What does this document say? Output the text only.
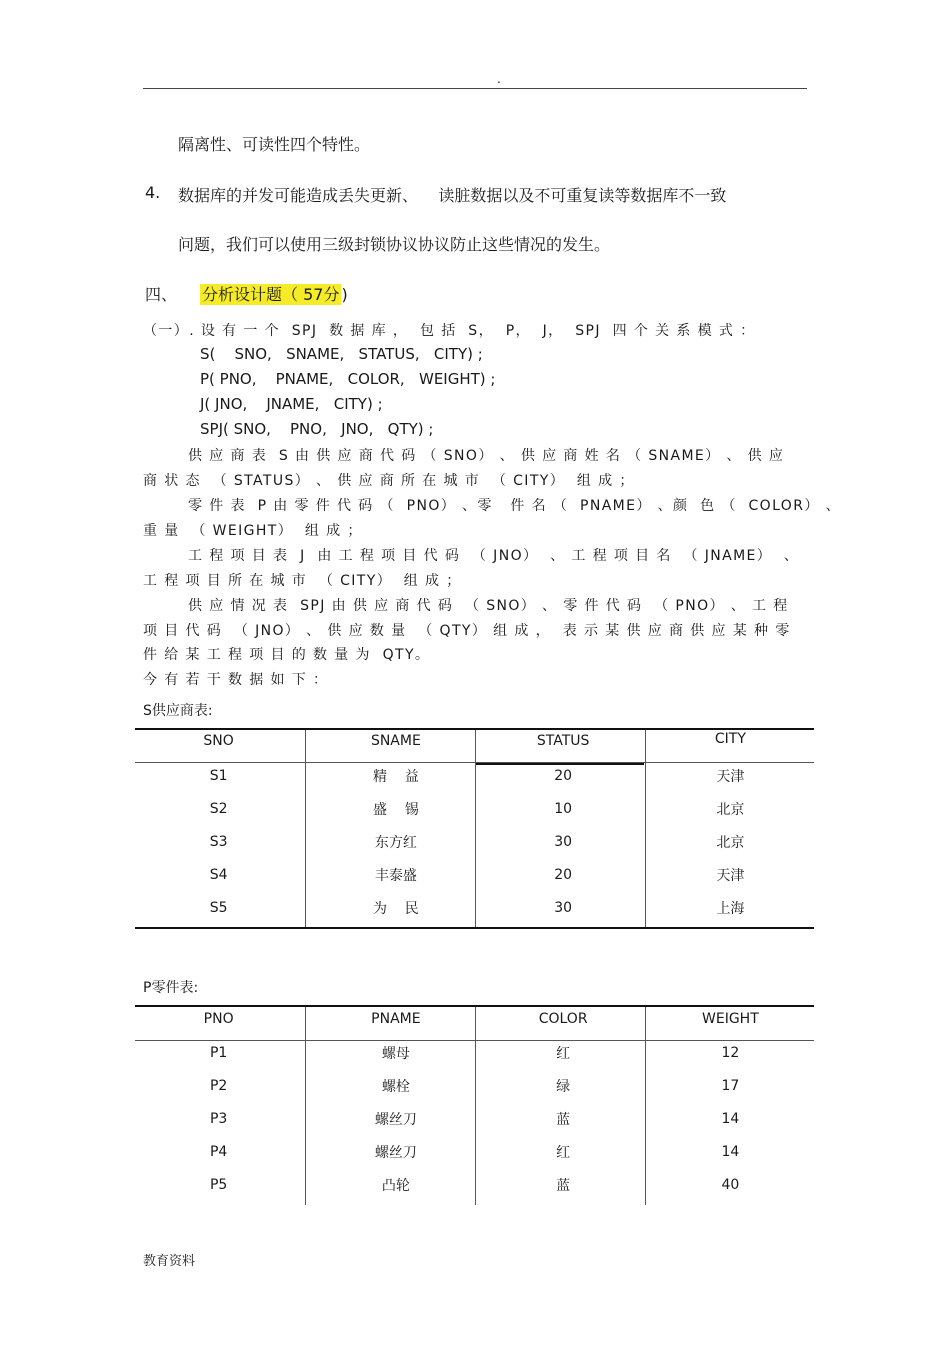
.
隔离性、可读性四个特性。
4. 数据库的并发可能造成丢失更新、    读脏数据以及不可重复读等数据库不一致
问题，我们可以使用三级封锁协议协议防止这些情况的发生。
四、 分析设计题（ 57分 )
（一）. 设 有 一 个  SPJ  数 据 库 ，  包 括  S，  P，  J，  SPJ  四 个 关 系 模 式 ：
S(    SNO,   SNAME,   STATUS,   CITY) ;
P( PNO,    PNAME,   COLOR,   WEIGHT) ;
J( JNO,    JNAME,   CITY) ;
SPJ( SNO,    PNO,   JNO,   QTY) ;
供 应 商 表  S 由 供 应 商 代 码 （ SNO） 、 供 应 商 姓 名 （ SNAME） 、 供 应
商 状 态  （ STATUS） 、 供 应 商 所 在 城 市  （ CITY）  组 成 ；
零 件 表  P 由 零 件 代 码 （  PNO） 、零   件 名 （  PNAME） 、颜  色 （  COLOR） 、
重 量  （ WEIGHT）  组 成 ；
工 程 项 目 表  J  由 工 程 项 目 代 码  （ JNO）  、 工 程 项 目 名  （ JNAME）  、
工 程 项 目 所 在 城 市  （ CITY）  组 成 ；
供 应 情 况 表  SPJ 由 供 应 商 代 码  （ SNO） 、 零 件 代 码  （ PNO） 、 工 程
项 目 代 码  （ JNO） 、 供 应 数 量  （ QTY） 组 成 ，  表 示 某 供 应 商 供 应 某 种 零
件 给 某 工 程 项 目 的 数 量 为  QTY。
今 有 若 干 数 据 如 下 ：
S供应商表:
SNO	SNAME	STATUS	CITY
S1	精    益	20	天津
S2	盛    锡	10	北京
S3	东方红	30	北京
S4	丰泰盛	20	天津
S5	为    民	30	上海
P零件表:
PNO	PNAME	COLOR	WEIGHT
P1	螺母	红	12
P2	螺栓	绿	17
P3	螺丝刀	蓝	14
P4	螺丝刀	红	14
P5	凸轮	蓝	40
教育资料
